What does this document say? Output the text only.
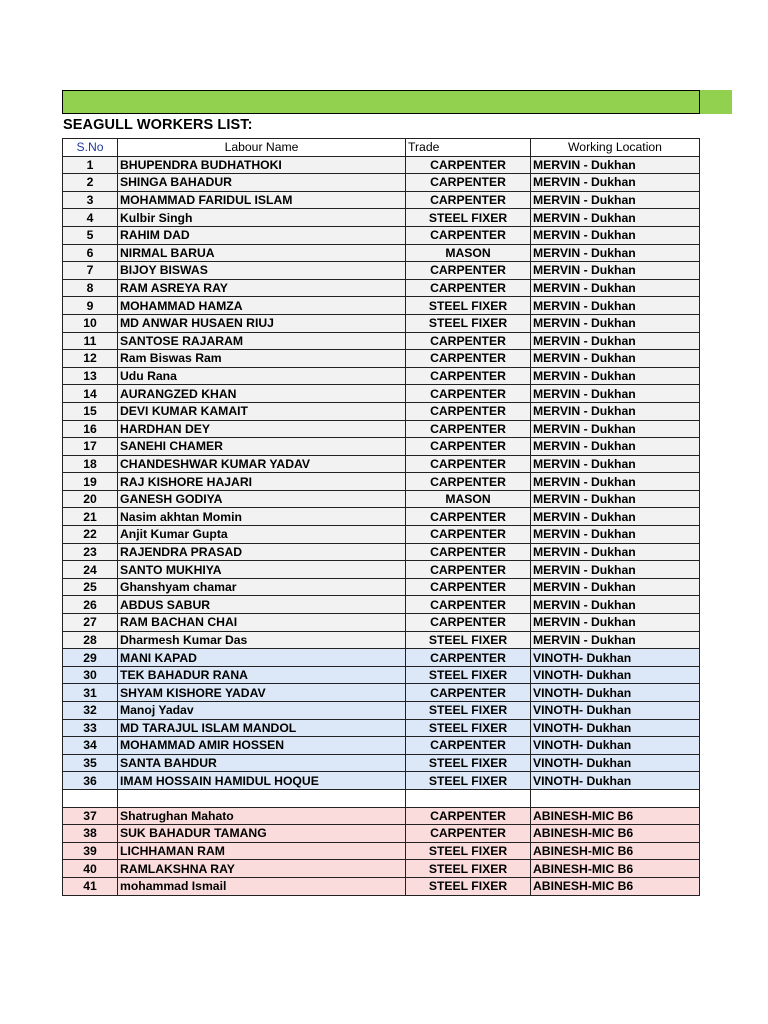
SEAGULL WORKERS LIST:
S.No	Labour Name	Trade	Working Location
1	BHUPENDRA BUDHATHOKI	CARPENTER	MERVIN - Dukhan
2	SHINGA BAHADUR	CARPENTER	MERVIN - Dukhan
3	MOHAMMAD FARIDUL ISLAM	CARPENTER	MERVIN - Dukhan
4	Kulbir Singh	STEEL FIXER	MERVIN - Dukhan
5	RAHIM DAD	CARPENTER	MERVIN - Dukhan
6	NIRMAL BARUA	MASON	MERVIN - Dukhan
7	BIJOY BISWAS	CARPENTER	MERVIN - Dukhan
8	RAM ASREYA RAY	CARPENTER	MERVIN - Dukhan
9	MOHAMMAD HAMZA	STEEL FIXER	MERVIN - Dukhan
10	MD ANWAR HUSAEN RIUJ	STEEL FIXER	MERVIN - Dukhan
11	SANTOSE RAJARAM	CARPENTER	MERVIN - Dukhan
12	Ram Biswas Ram	CARPENTER	MERVIN - Dukhan
13	Udu Rana	CARPENTER	MERVIN - Dukhan
14	AURANGZED KHAN	CARPENTER	MERVIN - Dukhan
15	DEVI KUMAR KAMAIT	CARPENTER	MERVIN - Dukhan
16	HARDHAN DEY	CARPENTER	MERVIN - Dukhan
17	SANEHI CHAMER	CARPENTER	MERVIN - Dukhan
18	CHANDESHWAR KUMAR YADAV	CARPENTER	MERVIN - Dukhan
19	RAJ KISHORE HAJARI	CARPENTER	MERVIN - Dukhan
20	GANESH GODIYA	MASON	MERVIN - Dukhan
21	Nasim akhtan Momin	CARPENTER	MERVIN - Dukhan
22	Anjit Kumar Gupta	CARPENTER	MERVIN - Dukhan
23	RAJENDRA PRASAD	CARPENTER	MERVIN - Dukhan
24	SANTO MUKHIYA	CARPENTER	MERVIN - Dukhan
25	Ghanshyam chamar	CARPENTER	MERVIN - Dukhan
26	ABDUS SABUR	CARPENTER	MERVIN - Dukhan
27	RAM BACHAN CHAI	CARPENTER	MERVIN - Dukhan
28	Dharmesh Kumar Das	STEEL FIXER	MERVIN - Dukhan
29	MANI KAPAD	CARPENTER	VINOTH- Dukhan
30	TEK BAHADUR RANA	STEEL FIXER	VINOTH- Dukhan
31	SHYAM KISHORE YADAV	CARPENTER	VINOTH- Dukhan
32	Manoj Yadav	STEEL FIXER	VINOTH- Dukhan
33	MD TARAJUL ISLAM MANDOL	STEEL FIXER	VINOTH- Dukhan
34	MOHAMMAD AMIR HOSSEN	CARPENTER	VINOTH- Dukhan
35	SANTA BAHDUR	STEEL FIXER	VINOTH- Dukhan
36	IMAM HOSSAIN HAMIDUL HOQUE	STEEL FIXER	VINOTH- Dukhan

37	Shatrughan Mahato	CARPENTER	ABINESH-MIC B6
38	SUK BAHADUR TAMANG	CARPENTER	ABINESH-MIC B6
39	LICHHAMAN RAM	STEEL FIXER	ABINESH-MIC B6
40	RAMLAKSHNA RAY	STEEL FIXER	ABINESH-MIC B6
41	mohammad Ismail	STEEL FIXER	ABINESH-MIC B6
